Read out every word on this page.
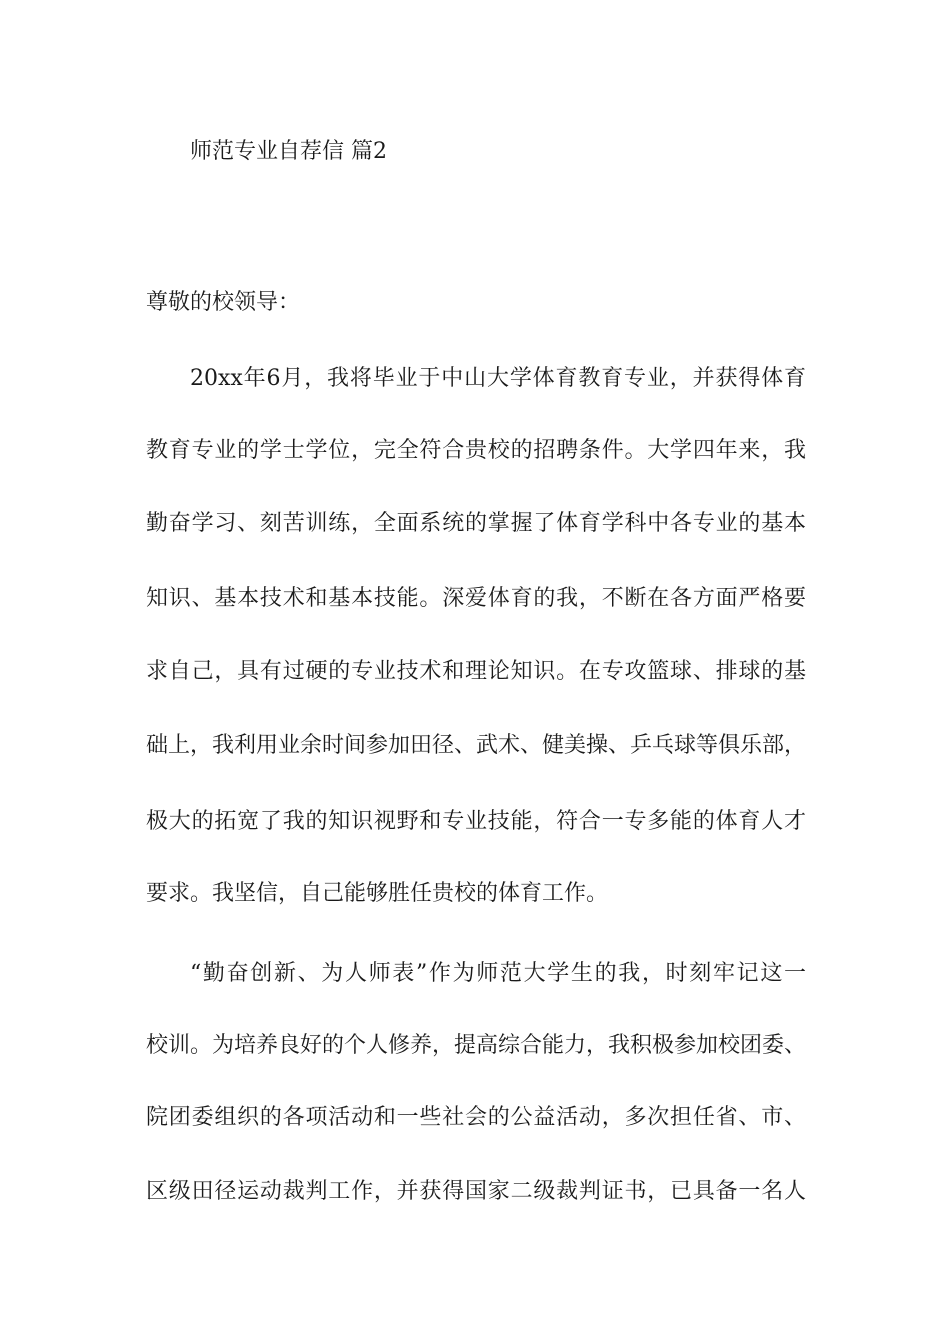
师范专业自荐信 篇2
尊敬的校领导：
20xx年6月，我将毕业于中山大学体育教育专业，并获得体育
教育专业的学士学位，完全符合贵校的招聘条件。大学四年来，我
勤奋学习、刻苦训练，全面系统的掌握了体育学科中各专业的基本
知识、基本技术和基本技能。深爱体育的我，不断在各方面严格要
求自己，具有过硬的专业技术和理论知识。在专攻篮球、排球的基
础上，我利用业余时间参加田径、武术、健美操、乒乓球等俱乐部，
极大的拓宽了我的知识视野和专业技能，符合一专多能的体育人才
要求。我坚信，自己能够胜任贵校的体育工作。
“勤奋创新、为人师表”作为师范大学生的我，时刻牢记这一
校训。为培养良好的个人修养，提高综合能力，我积极参加校团委、
院团委组织的各项活动和一些社会的公益活动，多次担任省、市、
区级田径运动裁判工作，并获得国家二级裁判证书，已具备一名人
